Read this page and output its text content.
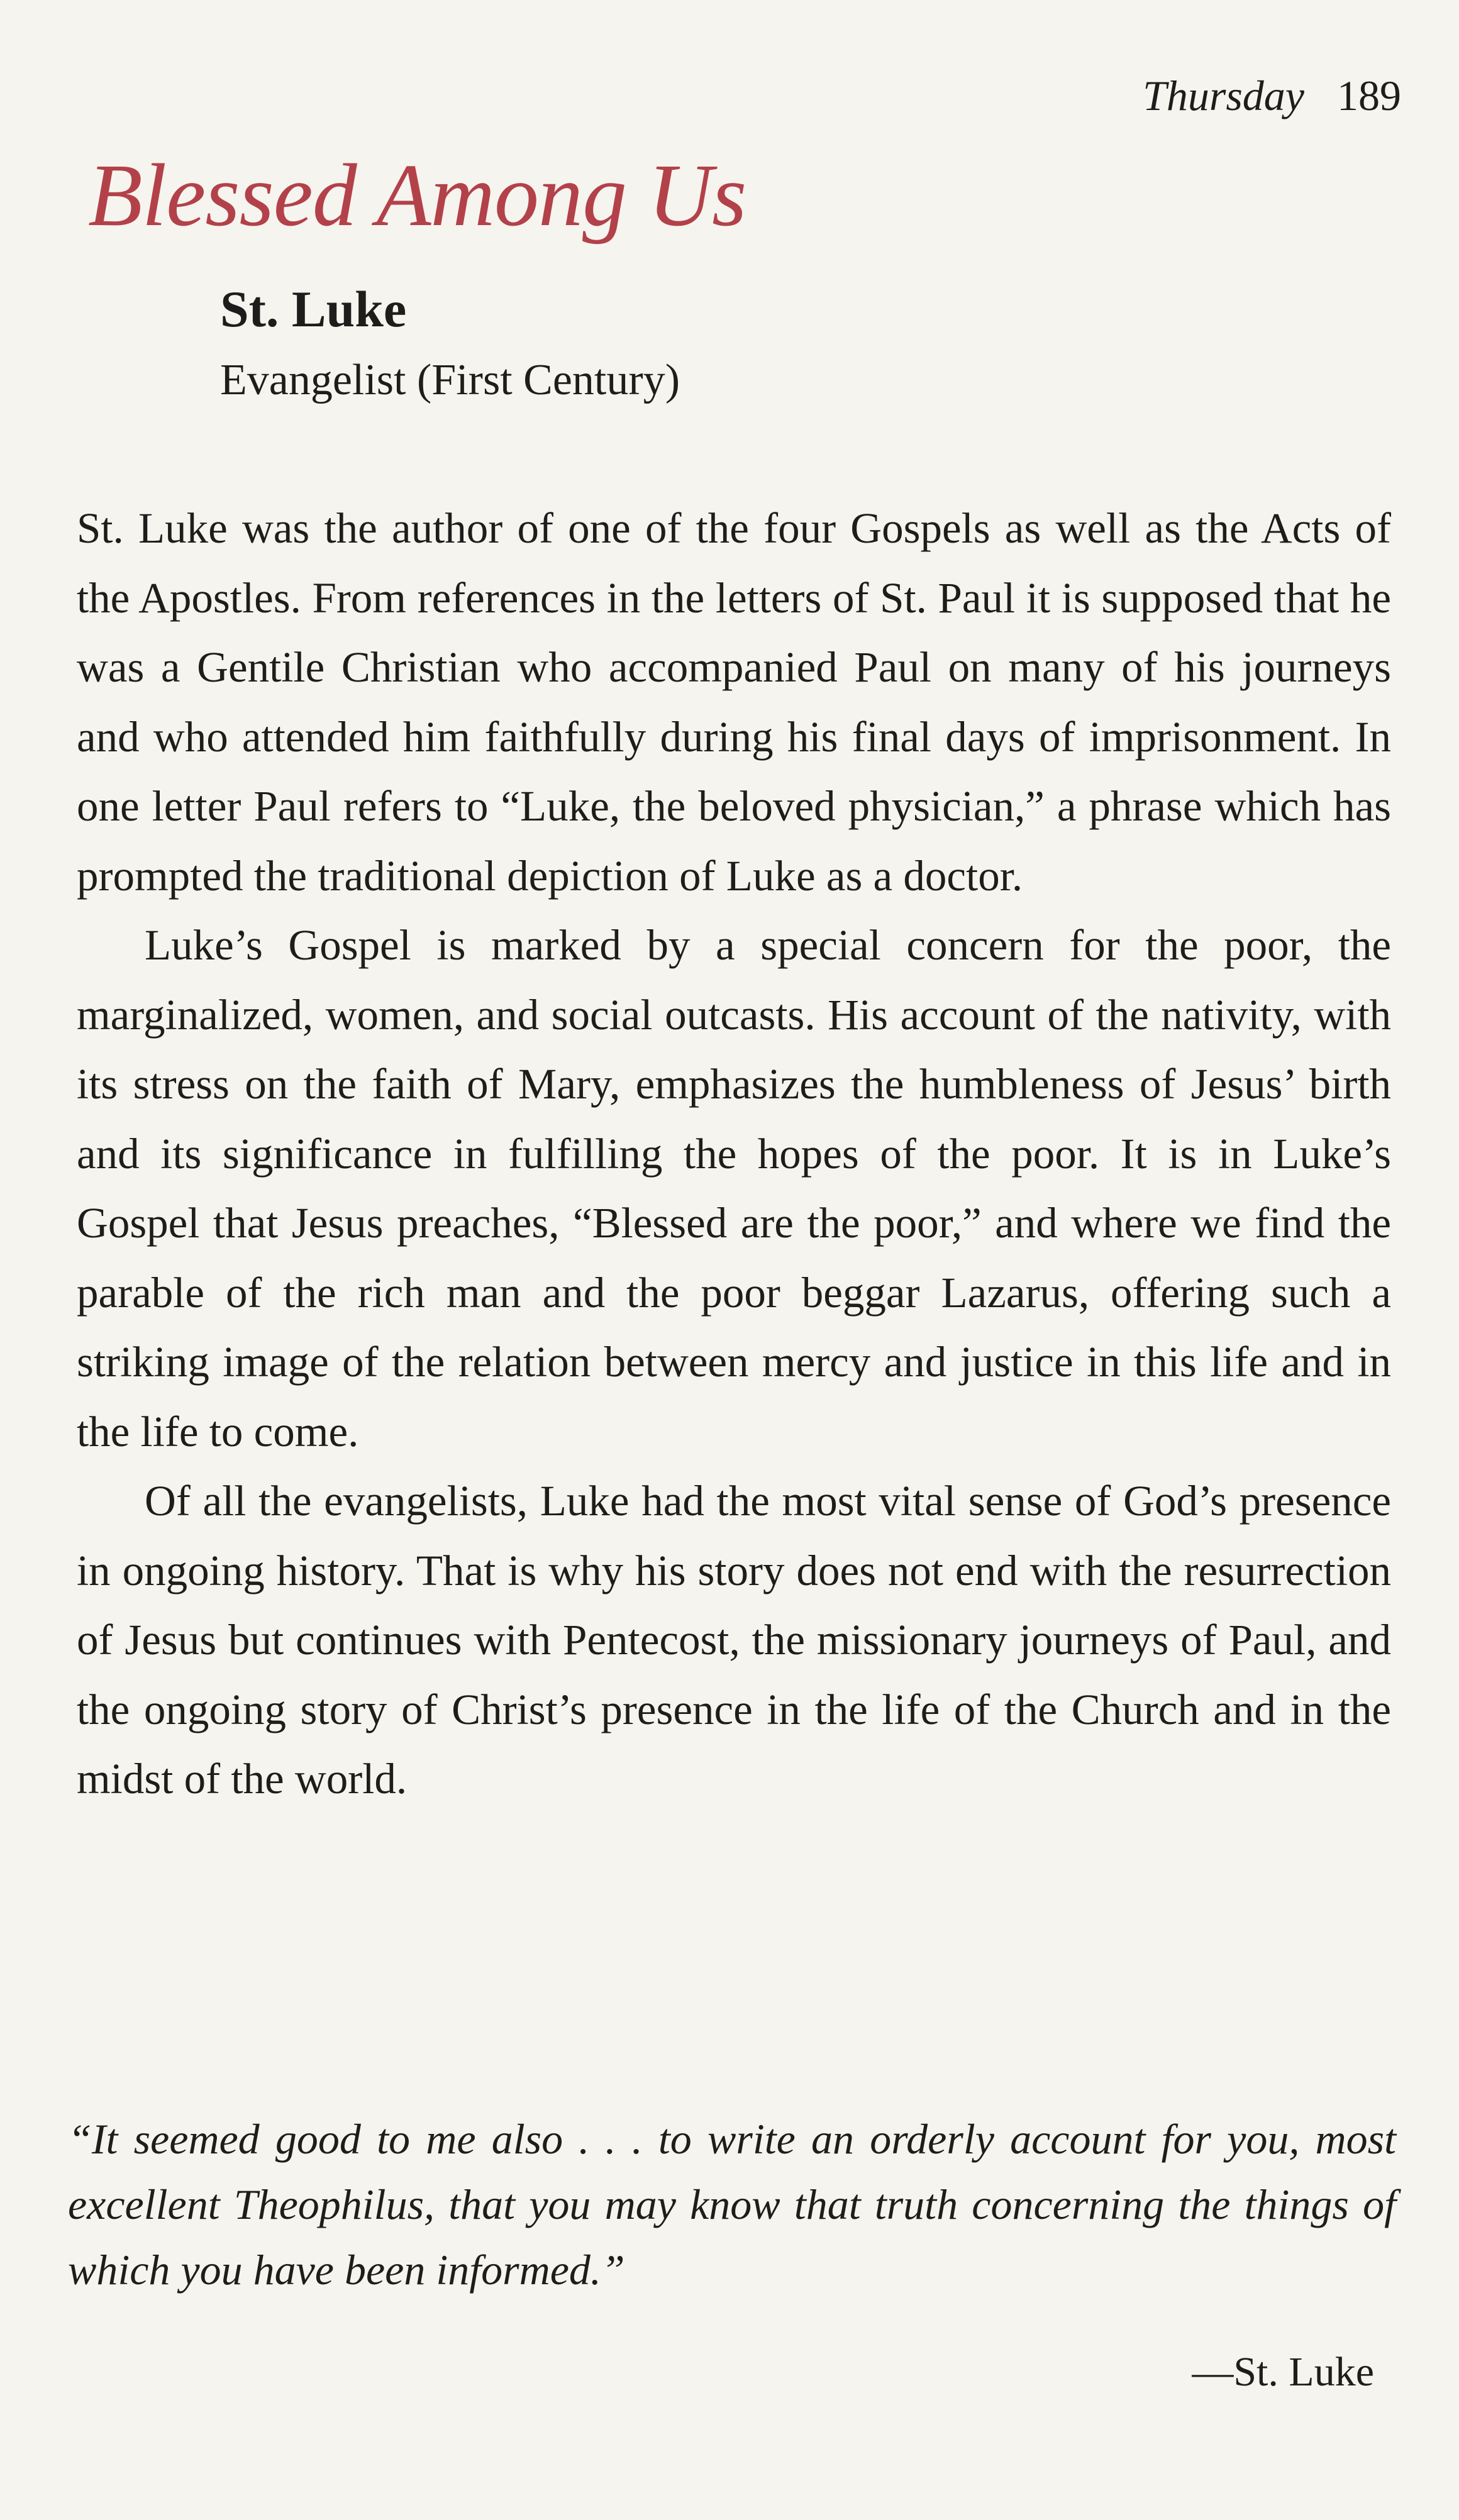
Thursday 189
Blessed Among Us
St. Luke

Evangelist (First Century)

St. Luke was the author of one of the four Gospels as well as the Acts of the Apostles. From references in the letters of St. Paul it is supposed that he was a Gentile Christian who accompanied Paul on many of his journeys and who attended him faithfully during his final days of imprisonment. In one letter Paul refers to “Luke, the beloved physician,” a phrase which has prompted the traditional depiction of Luke as a doctor.

Luke’s Gospel is marked by a special concern for the poor, the marginalized, women, and social outcasts. His account of the nativity, with its stress on the faith of Mary, emphasizes the humbleness of Jesus’ birth and its significance in fulfilling the hopes of the poor. It is in Luke’s Gospel that Jesus preaches, “Blessed are the poor,” and where we find the parable of the rich man and the poor beggar Lazarus, offering such a striking image of the relation between mercy and justice in this life and in the life to come.

Of all the evangelists, Luke had the most vital sense of God’s presence in ongoing history. That is why his story does not end with the resurrection of Jesus but continues with Pentecost, the missionary journeys of Paul, and the ongoing story of Christ’s presence in the life of the Church and in the midst of the world.

“It seemed good to me also . . . to write an orderly account for you, most excellent Theophilus, that you may know that truth concerning the things of which you have been informed.”

—St. Luke
